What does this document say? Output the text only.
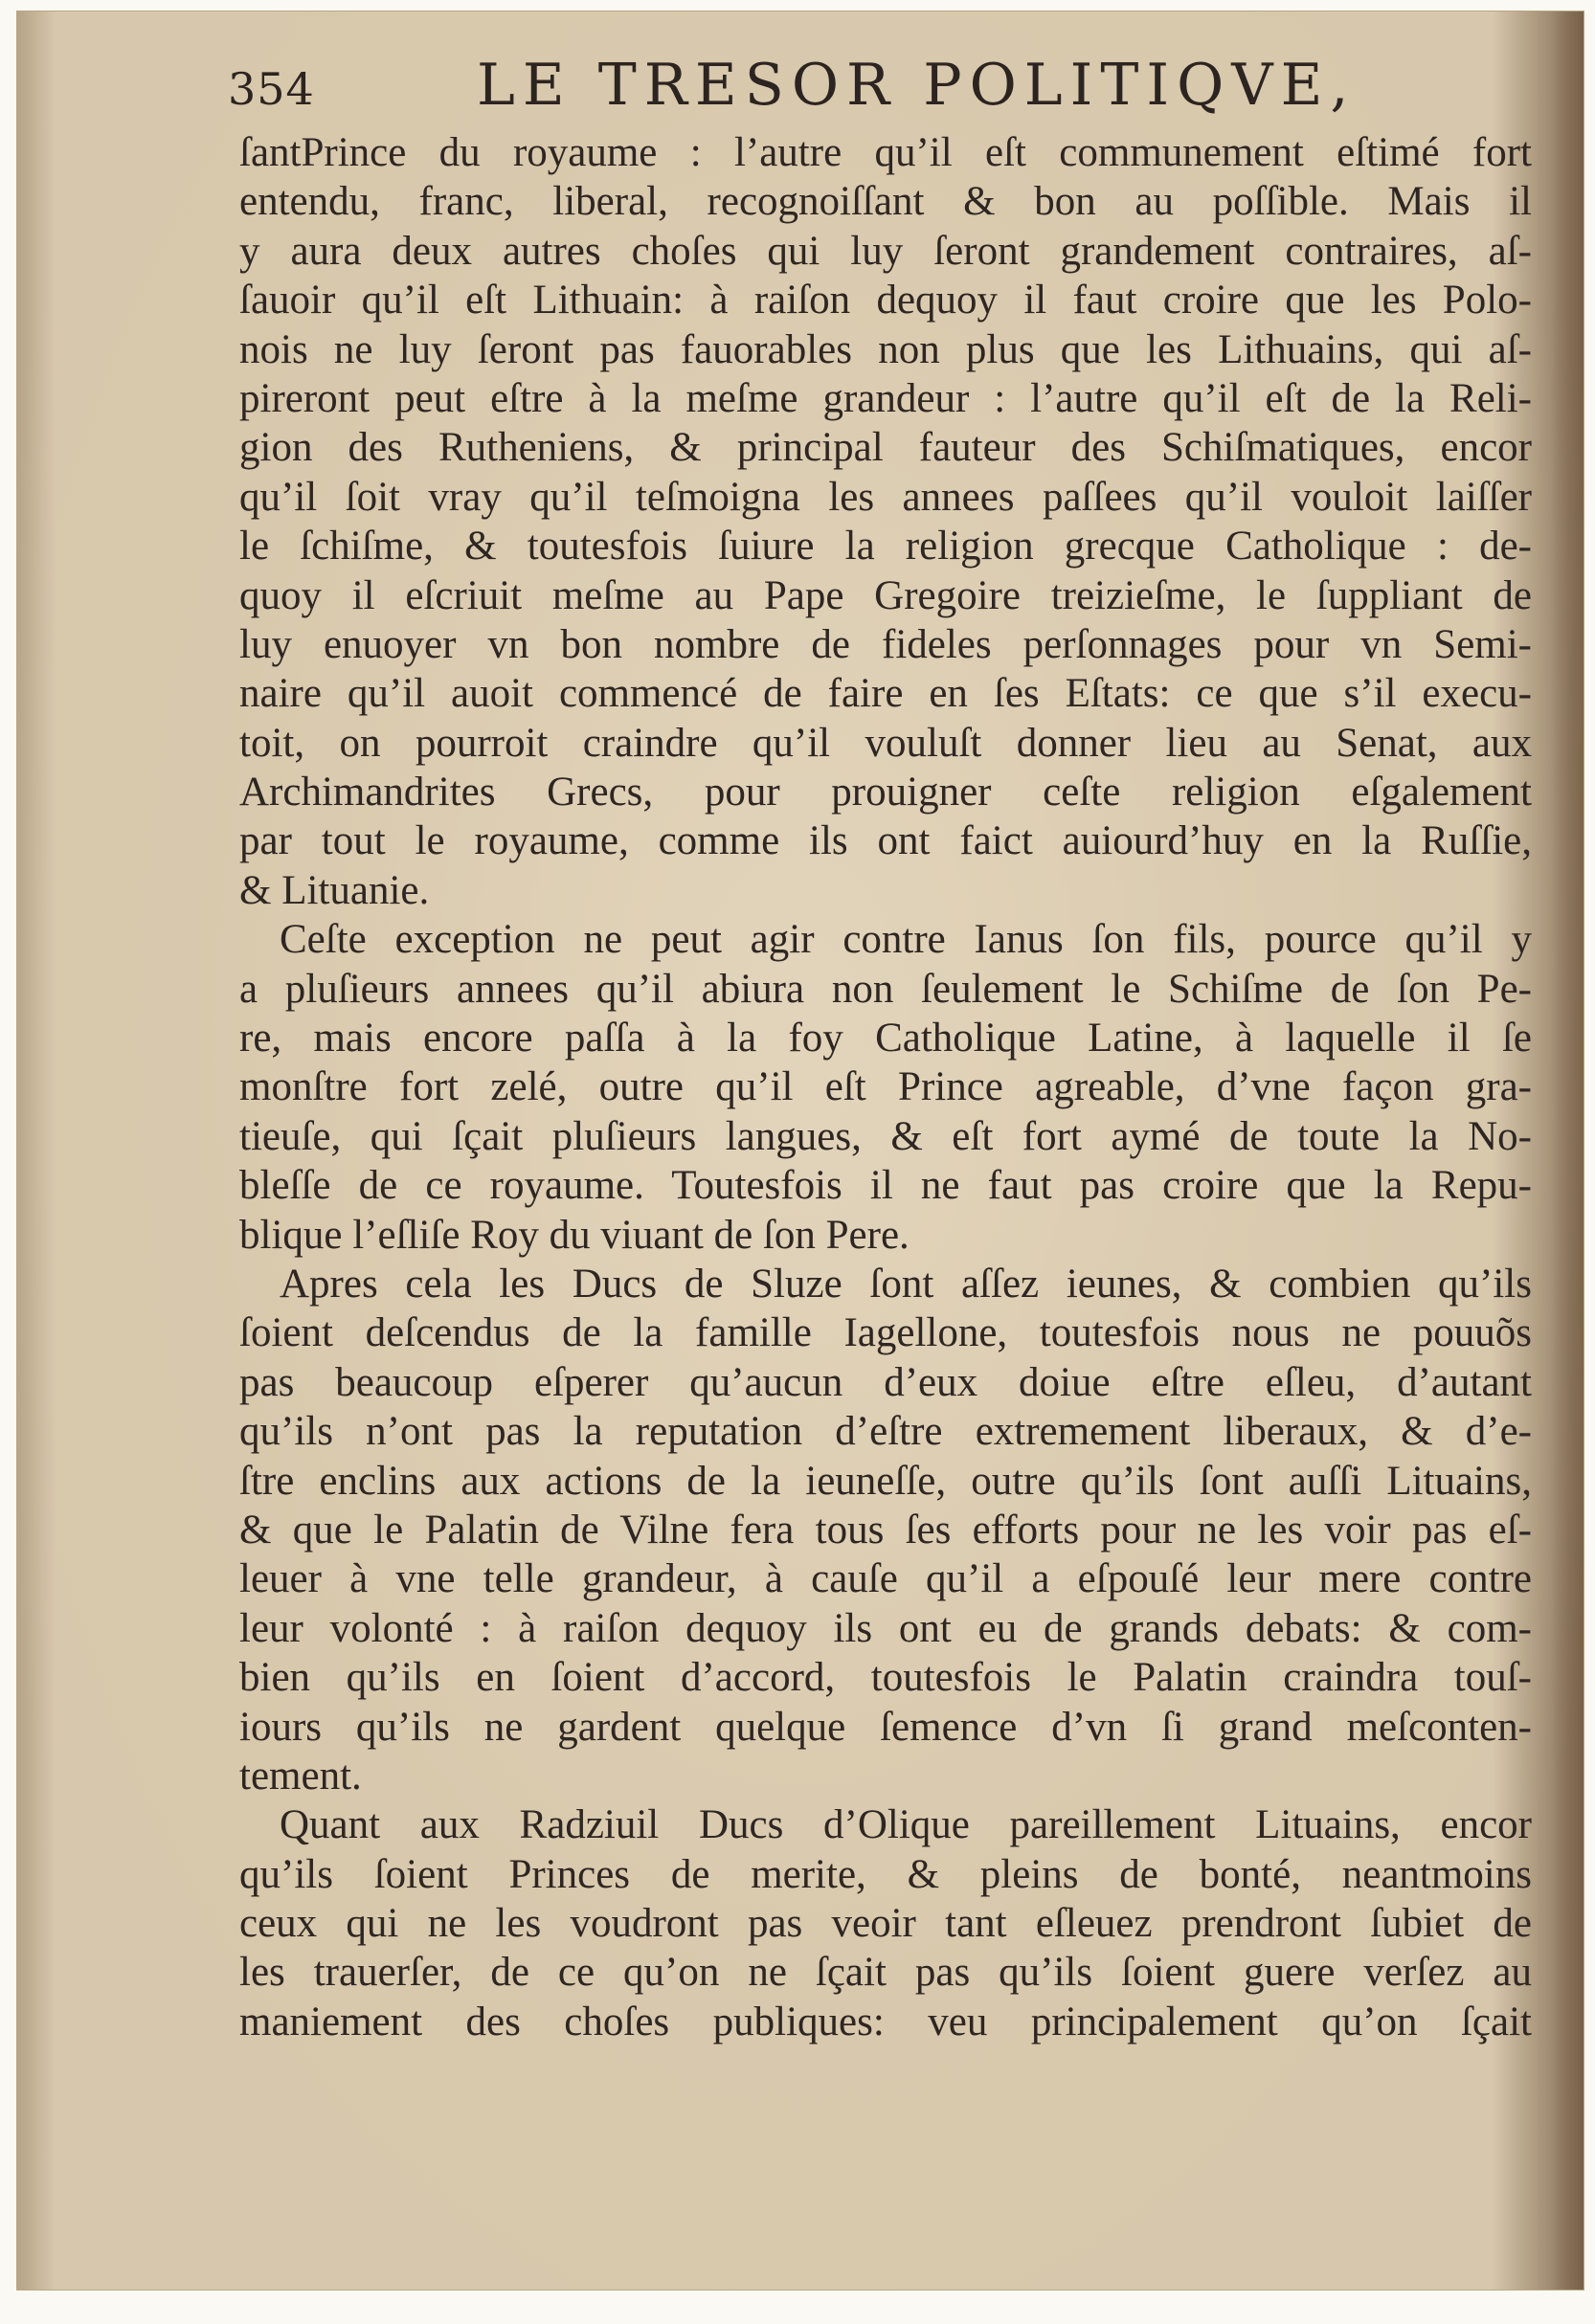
354	LE TRESOR POLITIQVE,
ſantPrince du royaume : l’autre qu’il eſt communement eſtimé fort
entendu, franc, liberal, recognoiſſant & bon au poſſible. Mais il
y aura deux autres choſes qui luy ſeront grandement contraires, aſ-
ſauoir qu’il eſt Lithuain: à raiſon dequoy il faut croire que les Polo-
nois ne luy ſeront pas fauorables non plus que les Lithuains, qui aſ-
pireront peut eſtre à la meſme grandeur : l’autre qu’il eſt de la Reli-
gion des Rutheniens, & principal fauteur des Schiſmatiques, encor
qu’il ſoit vray qu’il teſmoigna les annees paſſees qu’il vouloit laiſſer
le ſchiſme, & toutesfois ſuiure la religion grecque Catholique : de-
quoy il eſcriuit meſme au Pape Gregoire treizieſme, le ſuppliant de
luy enuoyer vn bon nombre de fideles perſonnages pour vn Semi-
naire qu’il auoit commencé de faire en ſes Eſtats: ce que s’il execu-
toit, on pourroit craindre qu’il vouluſt donner lieu au Senat, aux
Archimandrites Grecs, pour prouigner ceſte religion eſgalement
par tout le royaume, comme ils ont faict auiourd’huy en la Ruſſie,
& Lituanie.
Ceſte exception ne peut agir contre Ianus ſon fils, pource qu’il y
a pluſieurs annees qu’il abiura non ſeulement le Schiſme de ſon Pe-
re, mais encore paſſa à la foy Catholique Latine, à laquelle il ſe
monſtre fort zelé, outre qu’il eſt Prince agreable, d’vne façon gra-
tieuſe, qui ſçait pluſieurs langues, & eſt fort aymé de toute la No-
bleſſe de ce royaume. Toutesfois il ne faut pas croire que la Repu-
blique l’eſliſe Roy du viuant de ſon Pere.
Apres cela les Ducs de Sluze ſont aſſez ieunes, & combien qu’ils
ſoient deſcendus de la famille Iagellone, toutesfois nous ne pouuõs
pas beaucoup eſperer qu’aucun d’eux doiue eſtre eſleu, d’autant
qu’ils n’ont pas la reputation d’eſtre extremement liberaux, & d’e-
ſtre enclins aux actions de la ieuneſſe, outre qu’ils ſont auſſi Lituains,
& que le Palatin de Vilne fera tous ſes efforts pour ne les voir pas eſ-
leuer à vne telle grandeur, à cauſe qu’il a eſpouſé leur mere contre
leur volonté : à raiſon dequoy ils ont eu de grands debats: & com-
bien qu’ils en ſoient d’accord, toutesfois le Palatin craindra touſ-
iours qu’ils ne gardent quelque ſemence d’vn ſi grand meſconten-
tement.
Quant aux Radziuil Ducs d’Olique pareillement Lituains, encor
qu’ils ſoient Princes de merite, & pleins de bonté, neantmoins
ceux qui ne les voudront pas veoir tant eſleuez prendront ſubiet de
les trauerſer, de ce qu’on ne ſçait pas qu’ils ſoient guere verſez au
maniement des choſes publiques: veu principalement qu’on ſçait
